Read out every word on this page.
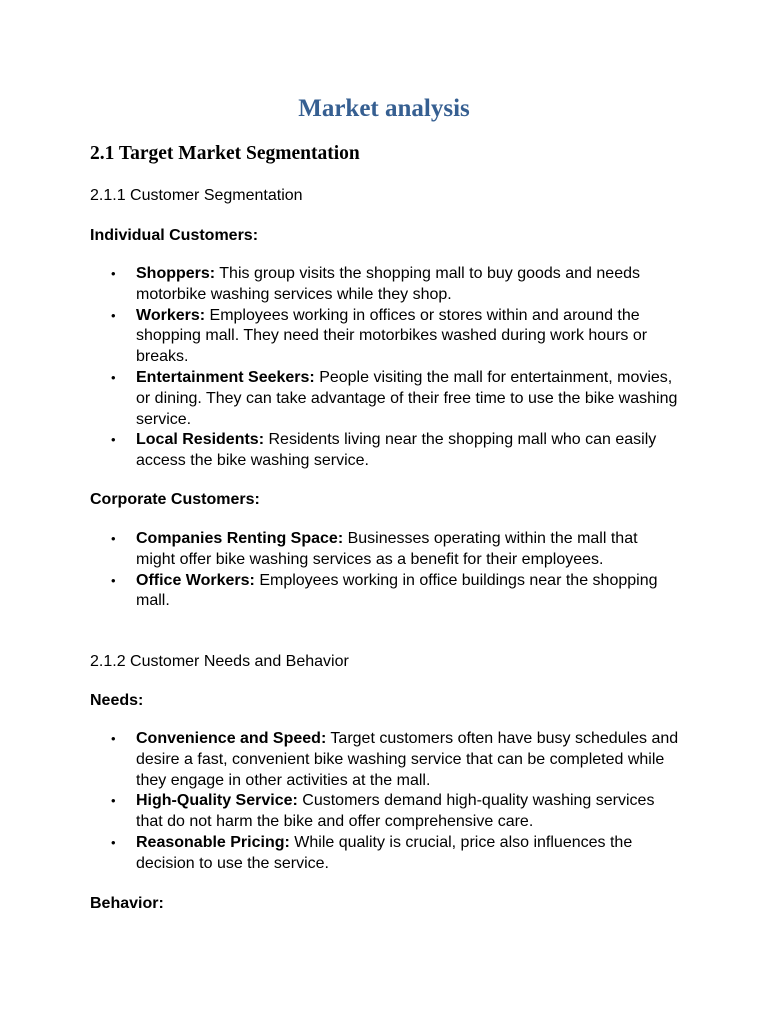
Market analysis
2.1 Target Market Segmentation

2.1.1 Customer Segmentation

Individual Customers:

• Shoppers: This group visits the shopping mall to buy goods and needs motorbike washing services while they shop.
• Workers: Employees working in offices or stores within and around the shopping mall. They need their motorbikes washed during work hours or breaks.
• Entertainment Seekers: People visiting the mall for entertainment, movies, or dining. They can take advantage of their free time to use the bike washing service.
• Local Residents: Residents living near the shopping mall who can easily access the bike washing service.

Corporate Customers:

• Companies Renting Space: Businesses operating within the mall that might offer bike washing services as a benefit for their employees.
• Office Workers: Employees working in office buildings near the shopping mall.

2.1.2 Customer Needs and Behavior

Needs:

• Convenience and Speed: Target customers often have busy schedules and desire a fast, convenient bike washing service that can be completed while they engage in other activities at the mall.
• High-Quality Service: Customers demand high-quality washing services that do not harm the bike and offer comprehensive care.
• Reasonable Pricing: While quality is crucial, price also influences the decision to use the service.

Behavior:
